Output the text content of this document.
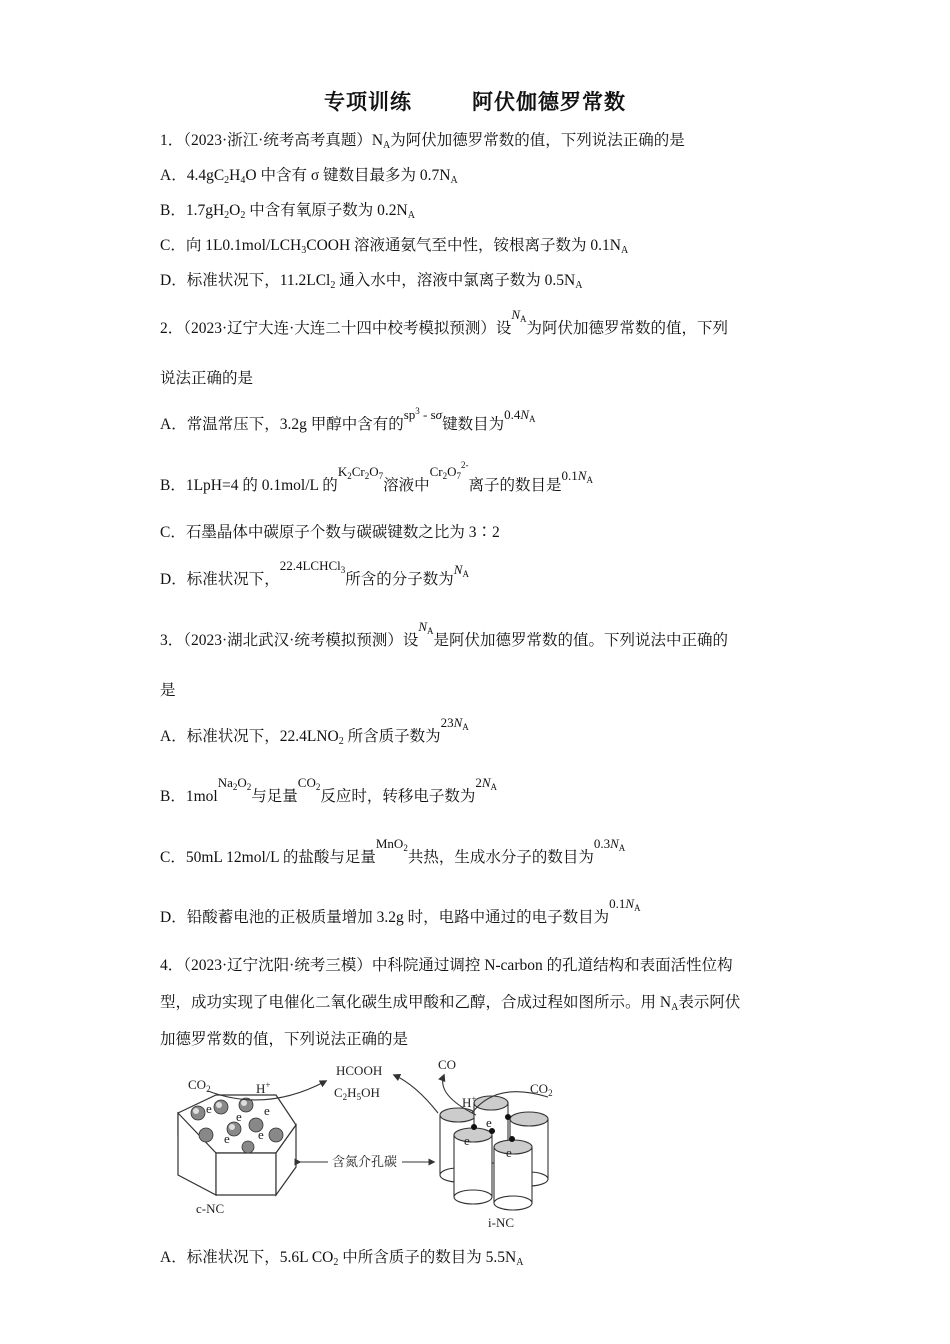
专项训练	阿伏伽德罗常数
1．（2023·浙江·统考高考真题）$N_A$为阿伏加德罗常数的值，下列说法正确的是
A．$4.4gC_2H_4O$ 中含有 σ 键数目最多为 $0.7N_A$
B．$1.7gH_2O_2$ 中含有氧原子数为 $0.2N_A$
C．向 $1L0.1mol/LCH_3COOH$ 溶液通氨气至中性，铵根离子数为 $0.1N_A$
D．标准状况下，11.2LCl$_2$ 通入水中，溶液中氯离子数为 $0.5N_A$
2．（2023·辽宁大连·大连二十四中校考模拟预测）设$^{N_A}$为阿伏加德罗常数的值，下列
说法正确的是
A．常温常压下，3.2g 甲醇中含有的$^{sp^3 - s\sigma}$键数目为$^{0.4N_A}$
B．1LpH=4 的 0.1mol/L 的$^{K_2Cr_2O_7}$溶液中$^{Cr_2O_7^{2-}}$离子的数目是$^{0.1N_A}$
C．石墨晶体中碳原子个数与碳碳键数之比为 3∶2
D．标准状况下，$^{22.4LCHCl_3}$所含的分子数为$^{N_A}$
3．（2023·湖北武汉·统考模拟预测）设$^{N_A}$是阿伏加德罗常数的值。下列说法中正确的
是
A．标准状况下，$22.4LNO_2$ 所含质子数为$^{23N_A}$
B．1mol$^{Na_2O_2}$与足量$^{CO_2}$反应时，转移电子数为$^{2N_A}$
C．50mL 12mol/L 的盐酸与足量$^{MnO_2}$共热，生成水分子的数目为$^{0.3N_A}$
D．铅酸蓄电池的正极质量增加 3.2g 时，电路中通过的电子数目为$^{0.1N_A}$
4．（2023·辽宁沈阳·统考三模）中科院通过调控 N-carbon 的孔道结构和表面活性位构
型，成功实现了电催化二氧化碳生成甲酸和乙醇，合成过程如图所示。用 $N_A$表示阿伏
加德罗常数的值，下列说法正确的是
$CO_2$	H+
e
e e
e e
HCOOH
$C_2H_5OH$
c-NC
含氮介孔碳
CO
$CO_2$
H+
e
e
e
i-NC
A．标准状况下，5.6L $CO_2$ 中所含质子的数目为 $5.5N_A$
